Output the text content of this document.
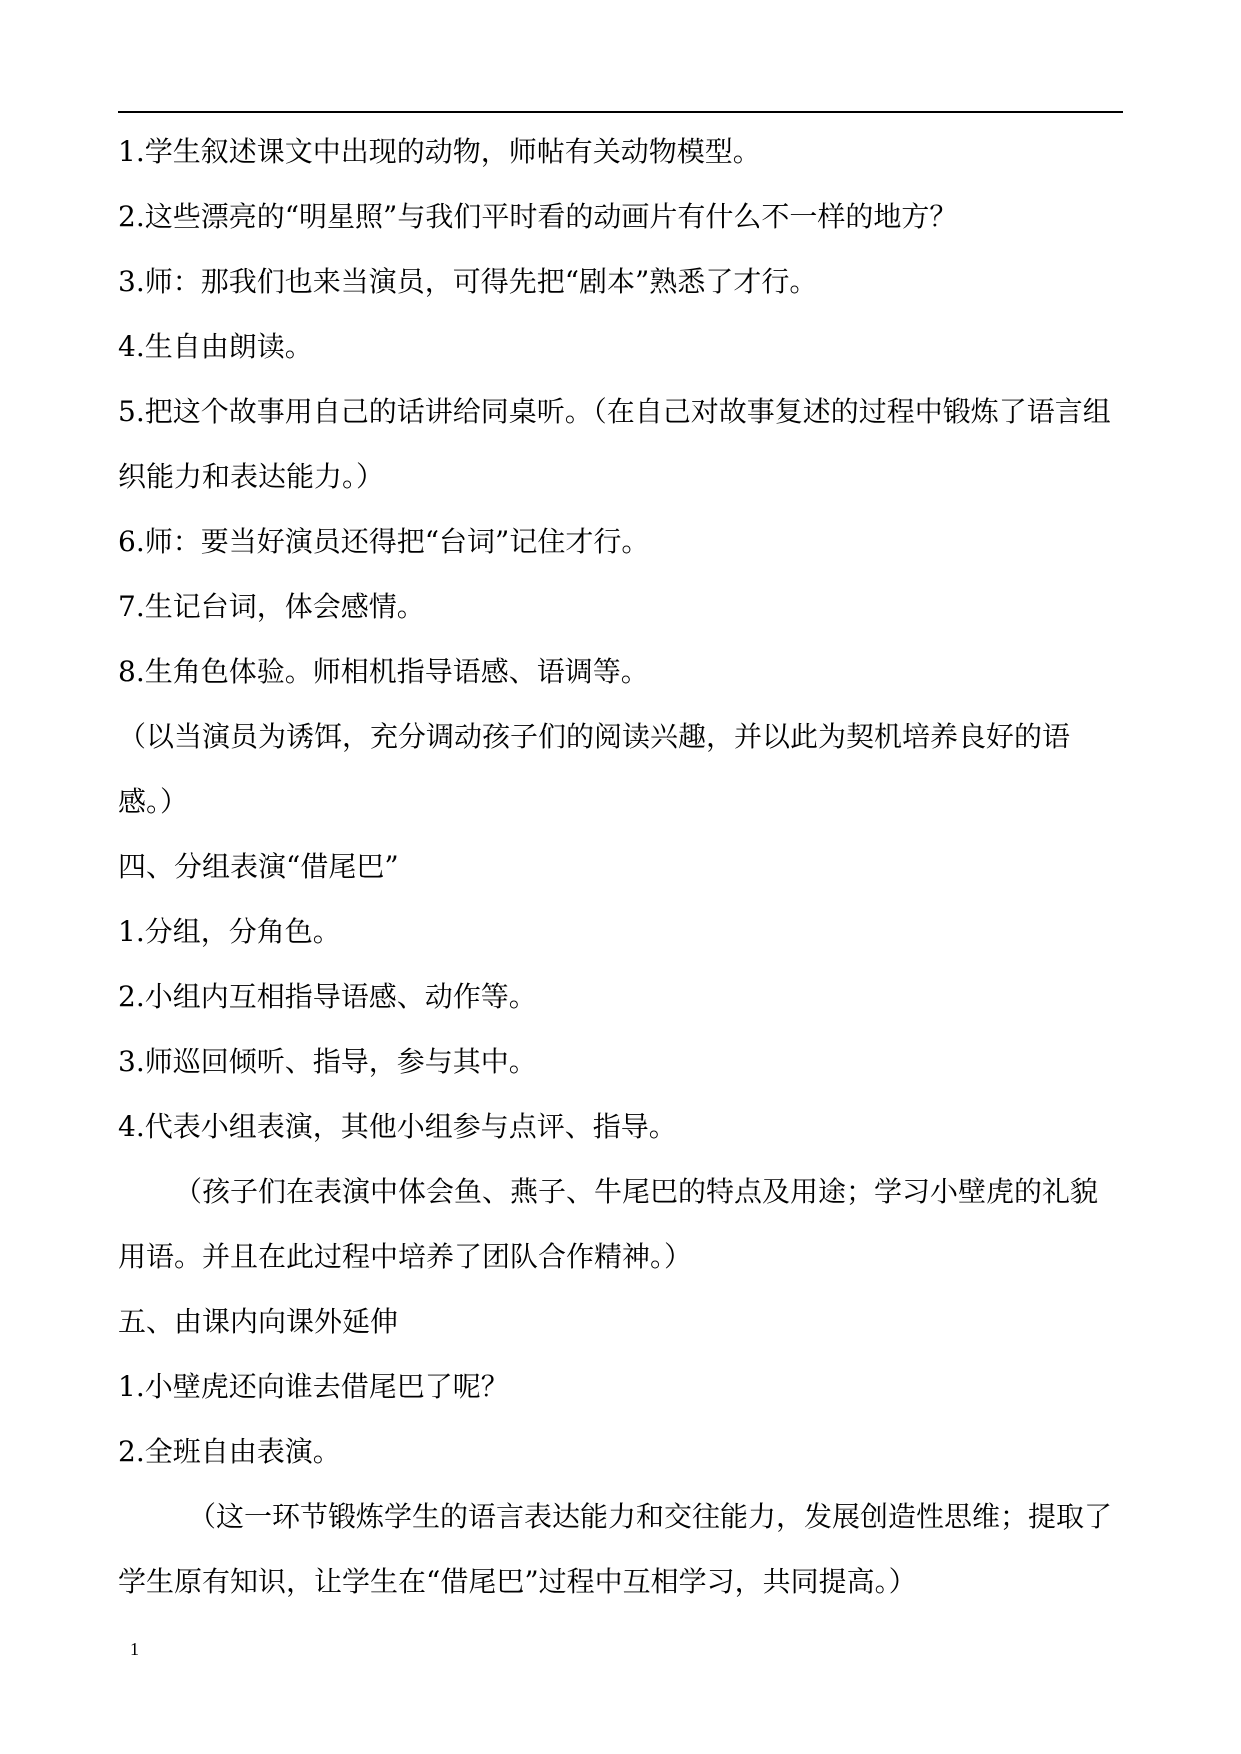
1.学生叙述课文中出现的动物，师帖有关动物模型。

2.这些漂亮的“明星照”与我们平时看的动画片有什么不一样的地方？

3.师：那我们也来当演员，可得先把“剧本”熟悉了才行。

4.生自由朗读。

5.把这个故事用自己的话讲给同桌听。（在自己对故事复述的过程中锻炼了语言组织能力和表达能力。）

6.师：要当好演员还得把“台词”记住才行。

7.生记台词，体会感情。

8.生角色体验。师相机指导语感、语调等。

（以当演员为诱饵，充分调动孩子们的阅读兴趣，并以此为契机培养良好的语感。）

四、分组表演“借尾巴”

1.分组，分角色。

2.小组内互相指导语感、动作等。

3.师巡回倾听、指导，参与其中。

4.代表小组表演，其他小组参与点评、指导。

（孩子们在表演中体会鱼、燕子、牛尾巴的特点及用途；学习小壁虎的礼貌用语。并且在此过程中培养了团队合作精神。）

五、由课内向课外延伸

1.小壁虎还向谁去借尾巴了呢？

2.全班自由表演。

（这一环节锻炼学生的语言表达能力和交往能力，发展创造性思维；提取了学生原有知识，让学生在“借尾巴”过程中互相学习，共同提高。）

1
